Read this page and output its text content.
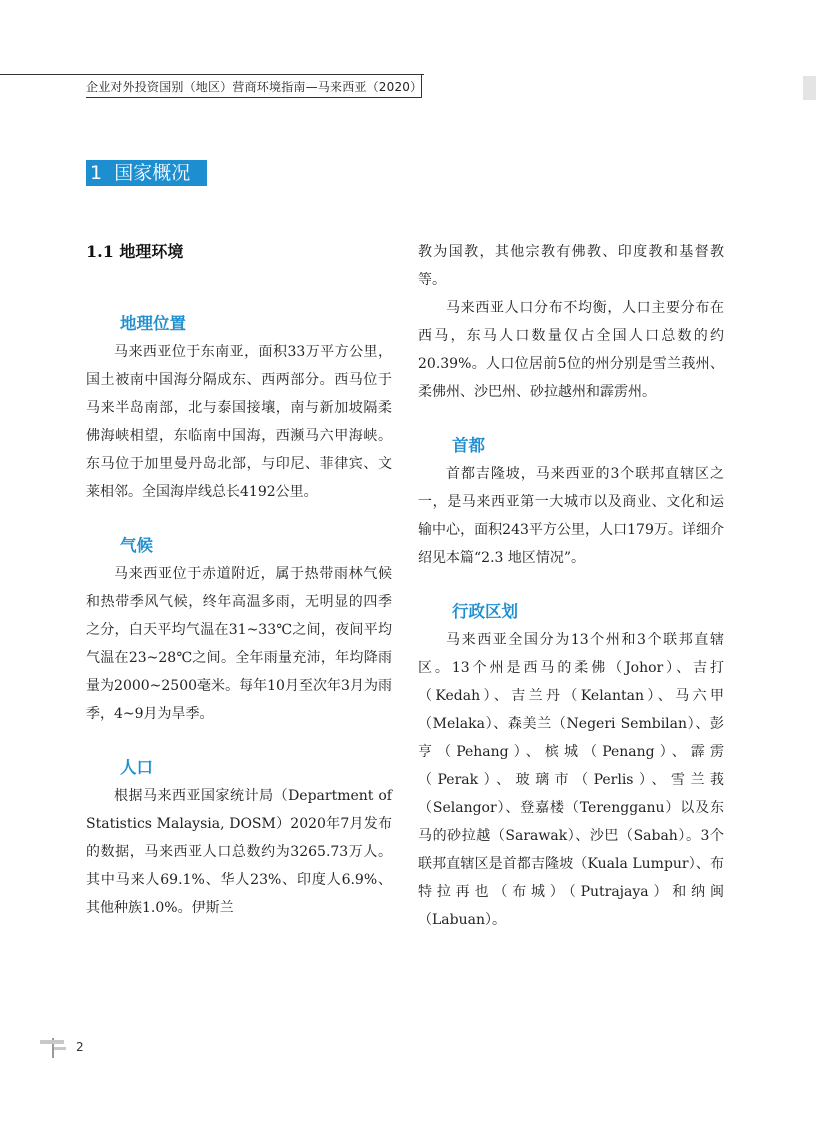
企业对外投资国别（地区）营商环境指南—马来西亚（2020）
1 国家概况
1.1 地理环境
地理位置

马来西亚位于东南亚，面积33万平方公里，国土被南中国海分隔成东、西两部分。西马位于马来半岛南部，北与泰国接壤，南与新加坡隔柔佛海峡相望，东临南中国海，西濒马六甲海峡。东马位于加里曼丹岛北部，与印尼、菲律宾、文莱相邻。全国海岸线总长4192公里。

气候

马来西亚位于赤道附近，属于热带雨林气候和热带季风气候，终年高温多雨，无明显的四季之分，白天平均气温在31~33℃之间，夜间平均气温在23~28℃之间。全年雨量充沛，年均降雨量为2000~2500毫米。每年10月至次年3月为雨季，4~9月为旱季。

人口

根据马来西亚国家统计局（Department of Statistics Malaysia, DOSM）2020年7月发布的数据，马来西亚人口总数约为3265.73万人。其中马来人69.1%、华人23%、印度人6.9%、其他种族1.0%。伊斯兰

教为国教，其他宗教有佛教、印度教和基督教等。

马来西亚人口分布不均衡，人口主要分布在西马，东马人口数量仅占全国人口总数的约20.39%。人口位居前5位的州分别是雪兰莪州、柔佛州、沙巴州、砂拉越州和霹雳州。

首都

首都吉隆坡，马来西亚的3个联邦直辖区之一，是马来西亚第一大城市以及商业、文化和运输中心，面积243平方公里，人口179万。详细介绍见本篇“2.3 地区情况”。

行政区划

马来西亚全国分为13个州和3个联邦直辖区。13个州是西马的柔佛（Johor）、吉打（Kedah）、吉兰丹（Kelantan）、马六甲（Melaka）、森美兰（Negeri Sembilan）、彭亨（Pehang）、槟城（Penang）、霹雳（Perak）、玻璃市（Perlis）、雪兰莪（Selangor）、登嘉楼（Terengganu）以及东马的砂拉越（Sarawak）、沙巴（Sabah）。3个联邦直辖区是首都吉隆坡（Kuala Lumpur）、布特拉再也（布城）（Putrajaya）和纳闽（Labuan）。

2
